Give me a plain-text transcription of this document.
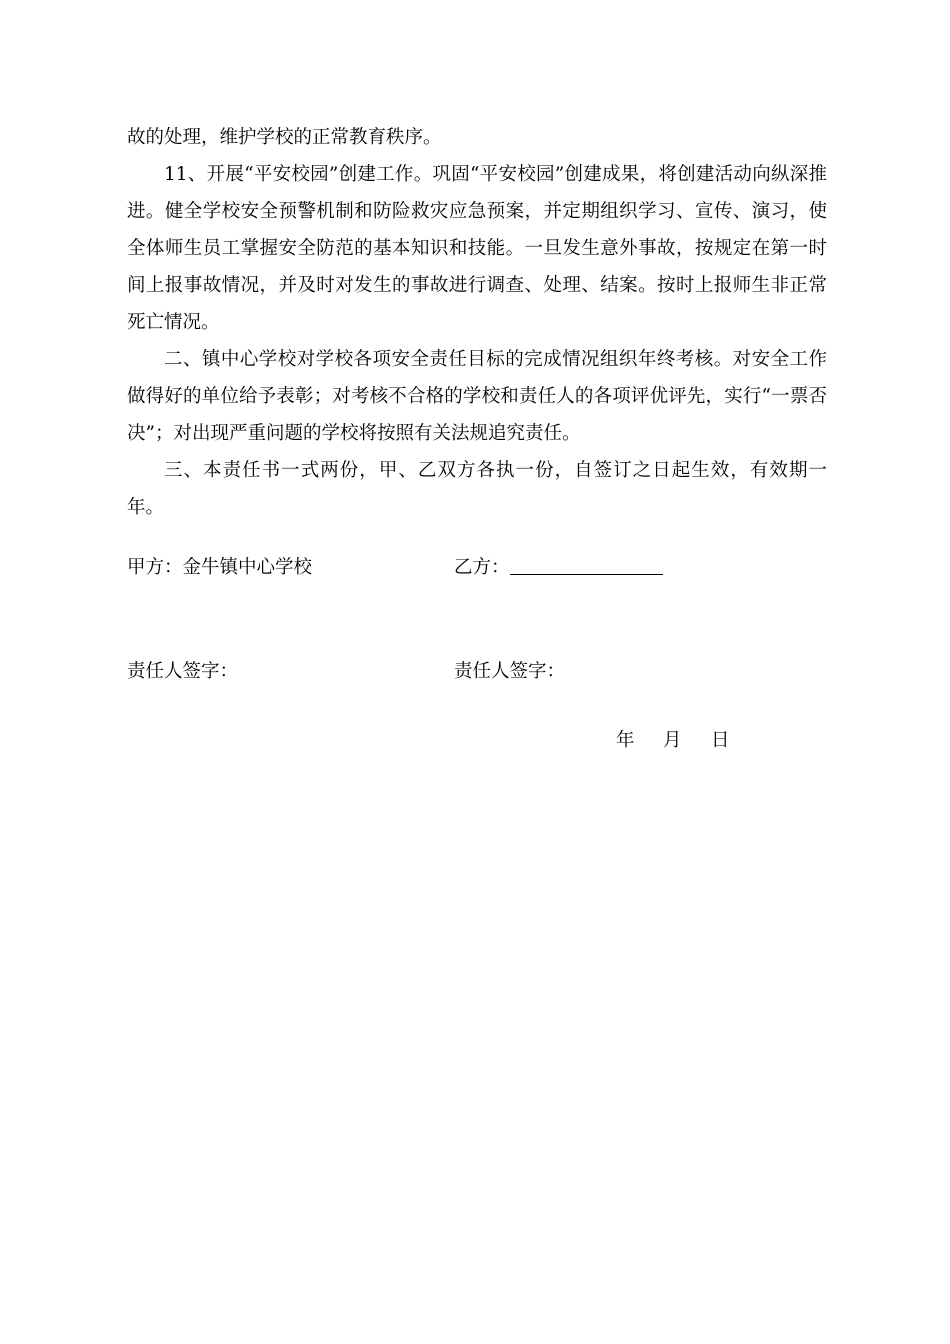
故的处理，维护学校的正常教育秩序。

11、开展“平安校园”创建工作。巩固“平安校园”创建成果，将创建活动向纵深推进。健全学校安全预警机制和防险救灾应急预案，并定期组织学习、宣传、演习，使全体师生员工掌握安全防范的基本知识和技能。一旦发生意外事故，按规定在第一时间上报事故情况，并及时对发生的事故进行调查、处理、结案。按时上报师生非正常死亡情况。

二、镇中心学校对学校各项安全责任目标的完成情况组织年终考核。对安全工作做得好的单位给予表彰；对考核不合格的学校和责任人的各项评优评先，实行“一票否决”；对出现严重问题的学校将按照有关法规追究责任。

三、本责任书一式两份，甲、乙双方各执一份，自签订之日起生效，有效期一年。

甲方：金牛镇中心学校	乙方：
责任人签字：	责任人签字：
年 月 日
